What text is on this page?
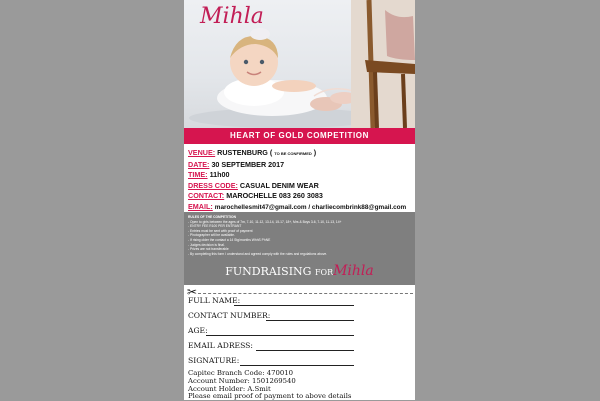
Mihla
HEART OF GOLD COMPETITION
VENUE: RUSTENBURG ( TO BE CONFIRMED )
DATE: 30 SEPTEMBER 2017
TIME: 11h00
DRESS CODE: CASUAL DENIM WEAR
CONTACT: MAROCHELLE 083 260 3083
EMAIL: marochellesmit47@gmail.com / charliecombrink88@gmail.com
RULES OF THE COMPETITION
- Open to girls between the ages of 7m, 7-10, 11-12, 13-14, 15-17, 18+, Mrs & Boys 3-6, 7-10, 11-13, 14+
- ENTRY FEE R100 PER ENTRANT
- Entries must be sent with proof of payment
- Photographer will be available.
- If rising older the contact a 14 Stg/months WhhS PhNE
- Judges decision is final.
- Prizes are not transferable
- By completing this form I understand and agreed comply with the rules and regulations above.
FUNDRAISING FORMihla
✂
FULL NAME:
CONTACT NUMBER:
AGE:
EMAIL ADRESS:
SIGNATURE:
Capitec Branch Code: 470010
Account Number: 1501269540
Account Holder: A.Smit
Please email proof of payment to above details
